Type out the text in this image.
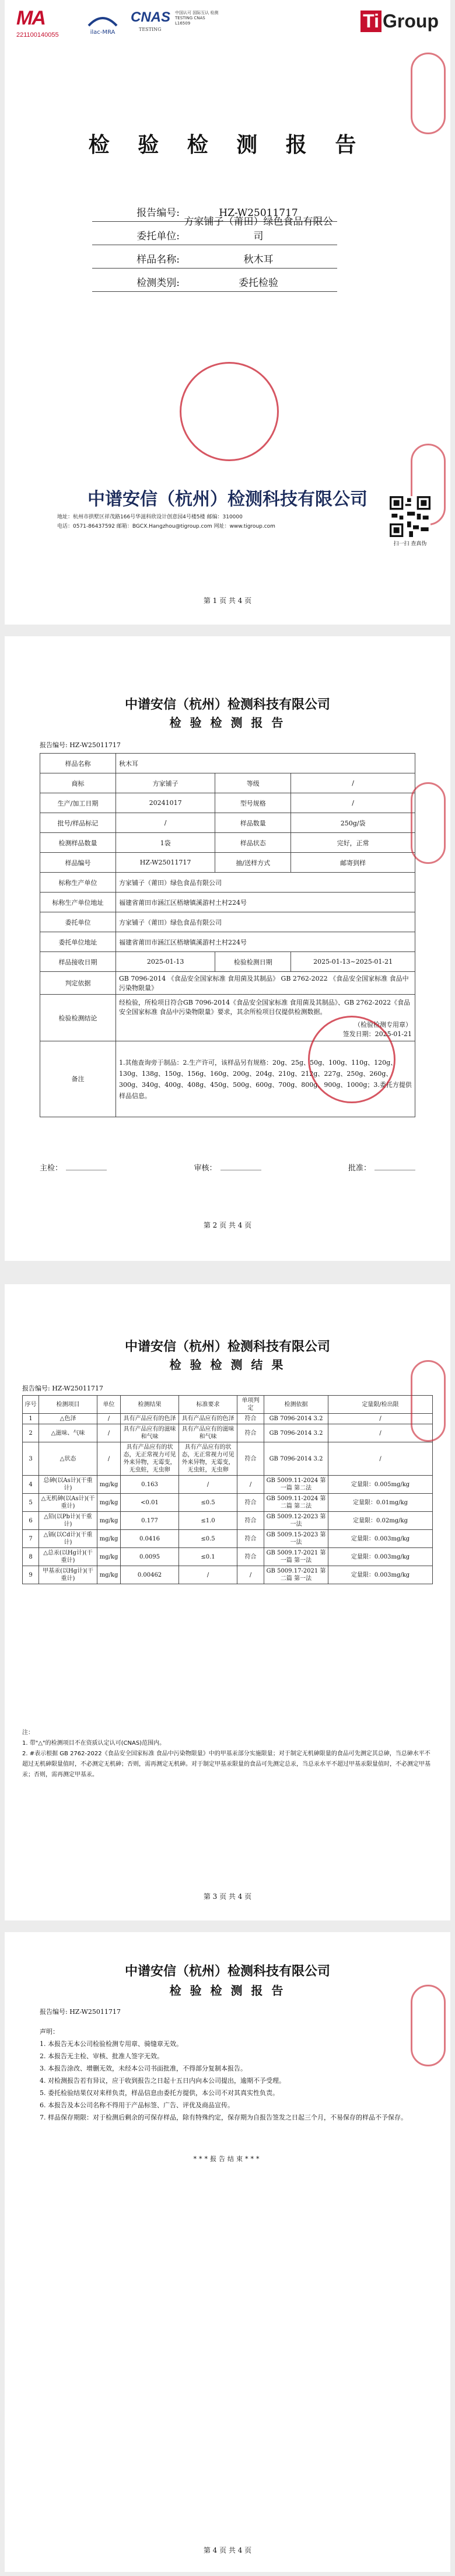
MA
221100140055	ilac-MRA
CNAS
TESTING
中国认可 国际互认 检测 TESTING CNAS L16509	Ti Group
检 验 检 测 报 告
报告编号:	HZ-W25011717
委托单位:
方家铺子（莆田）绿色食品有限公司
样品名称:	秋木耳
检测类别:	委托检验
中谱安信（杭州）检测科技有限公司
地址：杭州市拱墅区祥茂路166号华滋科欣设计创意园4号楼5楼 邮编：310000
电话：0571-86437592 邮箱：BGCX.Hangzhou@tigroup.com 网址：www.tigroup.com
扫一扫 查真伪
第 1 页 共 4 页
中谱安信（杭州）检测科技有限公司
检 验 检 测 报 告
报告编号: HZ-W25011717
样品名称	秋木耳		
商标	方家铺子	等级	/
生产/加工日期	20241017	型号规格	/
批号/样品标记	/	样品数量	250g/袋
检测样品数量	1袋	样品状态	完好，正常
样品编号	HZ-W25011717	抽/送样方式	邮寄到样
标称生产单位	方家铺子（莆田）绿色食品有限公司		
标称生产单位地址	福建省莆田市涵江区梧塘镇溪游村土村224号		
委托单位	方家铺子（莆田）绿色食品有限公司		
委托单位地址	福建省莆田市涵江区梧塘镇溪游村土村224号		
样品接收日期	2025-01-13	检验检测日期	2025-01-13~2025-01-21
判定依据	GB 7096-2014 《食品安全国家标准 食用菌及其制品》 GB 2762-2022 《食品安全国家标准 食品中污染物限量》		
检验检测结论	经检验，所检项目符合GB 7096-2014《食品安全国家标准 食用菌及其制品》、GB 2762-2022《食品安全国家标准 食品中污染物限量》要求，其余所检项目仅提供检测数据。
（检验检测专用章）
签发日期：2025-01-21		

备注	1.其他查询旁于制品：2.生产许可，该样品另有规格：20g、25g、50g、100g、110g、120g、130g、138g、150g、156g、160g、200g、204g、210g、212g、227g、250g、260g、300g、340g、400g、408g、450g、500g、600g、700g、800g、900g、1000g；3.委托方提供样品信息。		
主检：	审核：	批准：
第 2 页 共 4 页
中谱安信（杭州）检测科技有限公司
检 验 检 测 结 果
报告编号: HZ-W25011717
序号	检测项目	单位	检测结果	标准要求	单项判定	检测依据	定量限/检出限
1	△色泽	/	具有产品应有的色泽	具有产品应有的色泽	符合	GB 7096-2014 3.2	/
2	△滋味、气味	/	具有产品应有的滋味和气味	具有产品应有的滋味和气味	符合	GB 7096-2014 3.2	/
3	△状态	/	具有产品应有的状态，无正常视力可见外来异物，无霉变，无虫蛀，无虫卵	具有产品应有的状态，无正常视力可见外来异物，无霉变，无虫蛀，无虫卵	符合	GB 7096-2014 3.2	/
4	总砷(以As计)(干重计)	mg/kg	0.163	/	/	GB 5009.11-2024 第一篇 第二法	定量限：0.005mg/kg
5	△无机砷(以As计)(干重计)	mg/kg	<0.01	≤0.5	符合	GB 5009.11-2024 第二篇 第二法	定量限：0.01mg/kg
6	△铅(以Pb计)(干重计)	mg/kg	0.177	≤1.0	符合	GB 5009.12-2023 第一法	定量限：0.02mg/kg
7	△镉(以Cd计)(干重计)	mg/kg	0.0416	≤0.5	符合	GB 5009.15-2023 第一法	定量限：0.003mg/kg
8	△总汞(以Hg计)(干重计)	mg/kg	0.0095	≤0.1	符合	GB 5009.17-2021 第一篇 第一法	定量限：0.003mg/kg
9	甲基汞(以Hg计)(干重计)	mg/kg	0.00462	/	/	GB 5009.17-2021 第二篇 第一法	定量限：0.003mg/kg
注：
1. 带"△"的检测项目不在资质认定认可(CNAS)范围内。
2. #表示根据 GB 2762-2022《食品安全国家标准 食品中污染物限量》中的甲基汞部分实施限量；对于制定无机砷限量的食品可先测定其总砷，当总砷水平不超过无机砷限量值时，不必测定无机砷；否则，需再测定无机砷。对于制定甲基汞限量的食品可先测定总汞，当总汞水平不超过甲基汞限量值时，不必测定甲基汞；否则，需再测定甲基汞。
第 3 页 共 4 页
中谱安信（杭州）检测科技有限公司
检 验 检 测 报 告
报告编号: HZ-W25011717
声明：
1. 本报告无本公司检验检测专用章、骑缝章无效。
2. 本报告无主检、审核、批准人签字无效。
3. 本报告涂改、增删无效，未经本公司书面批准，不得部分复制本报告。
4. 对检测报告若有异议，应于收到报告之日起十五日内向本公司提出，逾期不予受理。
5. 委托检验结果仅对来样负责，样品信息由委托方提供，本公司不对其真实性负责。
6. 本报告及本公司名称不得用于产品标签、广告、评优及商品宣传。
7. 样品保存期限：对于检测后剩余的可保存样品，除有特殊约定，保存期为自报告签发之日起三个月，不易保存的样品不予保存。
***报告结束***
第 4 页 共 4 页
